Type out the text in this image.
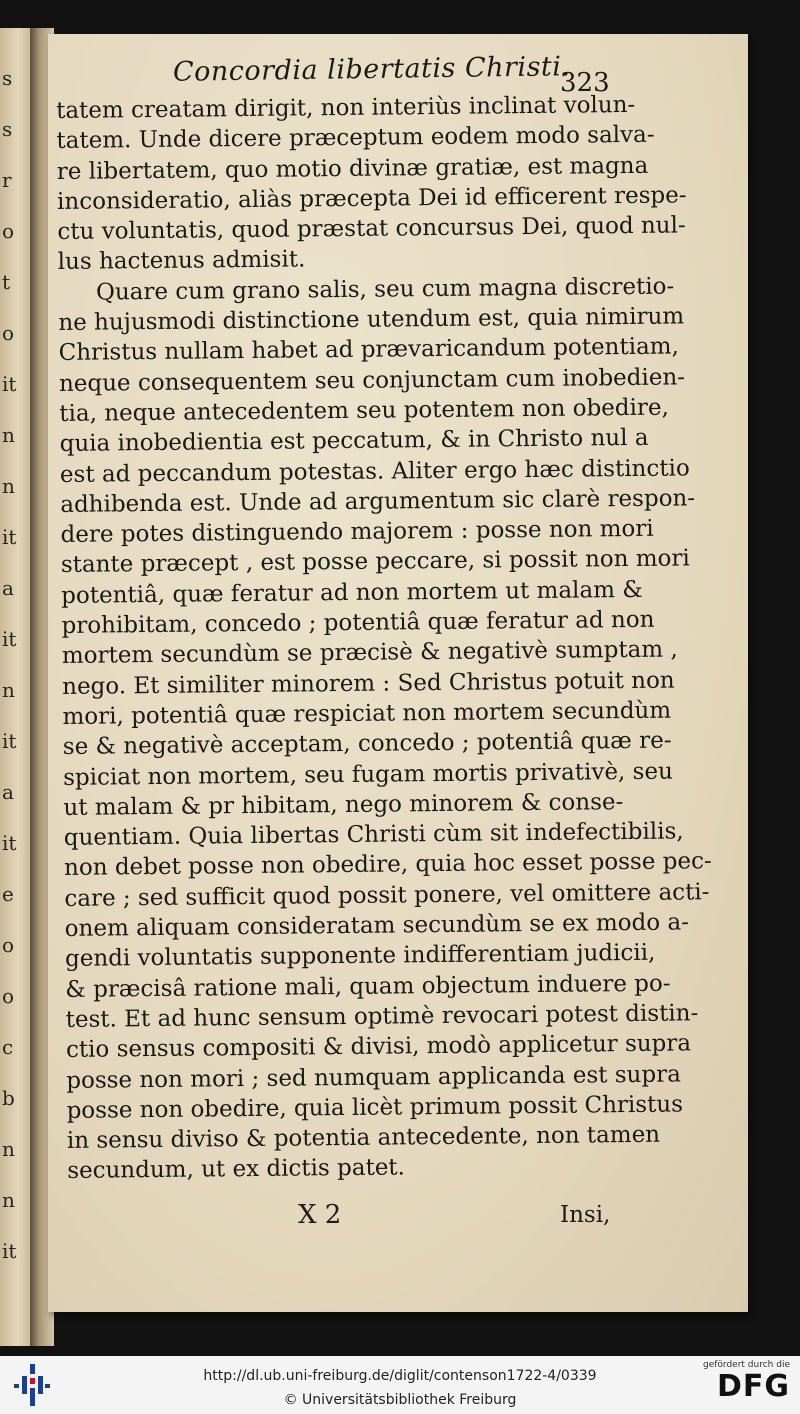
s
s
r
o
t
o
it
n
n
it
a
it
n
it
a
it
e
o
o
c
b
n
n
it
Concordia libertatis Christi.
323
tatem creatam dirigit, non interiùs inclinat volun-
tatem. Unde dicere præceptum eodem modo salva-
re libertatem, quo motio divinæ gratiæ, est magna
inconsideratio, aliàs præcepta Dei id efficerent respe-
ctu voluntatis, quod præstat concursus Dei, quod nul-
lus hactenus admisit.
Quare cum grano salis, seu cum magna discretio-
ne hujusmodi distinctione utendum est, quia nimirum
Christus nullam habet ad prævaricandum potentiam,
neque consequentem seu conjunctam cum inobedien-
tia, neque antecedentem seu potentem non obedire,
quia inobedientia est peccatum, & in Christo nul a
est ad peccandum potestas. Aliter ergo hæc distinctio
adhibenda est. Unde ad argumentum sic clarè respon-
dere potes distinguendo majorem : posse non mori
stante præcept , est posse peccare, si possit non mori
potentiâ, quæ feratur ad non mortem ut malam &
prohibitam, concedo ; potentiâ quæ feratur ad non
mortem secundùm se præcisè & negativè sumptam ,
nego. Et similiter minorem : Sed Christus potuit non
mori, potentiâ quæ respiciat non mortem secundùm
se & negativè acceptam, concedo ; potentiâ quæ re-
spiciat non mortem, seu fugam mortis privativè, seu
ut malam & pr hibitam, nego minorem & conse-
quentiam. Quia libertas Christi cùm sit indefectibilis,
non debet posse non obedire, quia hoc esset posse pec-
care ; sed sufficit quod possit ponere, vel omittere acti-
onem aliquam consideratam secundùm se ex modo a-
gendi voluntatis supponente indifferentiam judicii,
& præcisâ ratione mali, quam objectum induere po-
test. Et ad hunc sensum optimè revocari potest distin-
ctio sensus compositi & divisi, modò applicetur supra
posse non mori ; sed numquam applicanda est supra
posse non obedire, quia licèt primum possit Christus
in sensu diviso & potentia antecedente, non tamen
secundum, ut ex dictis patet.
X 2	Insi,
http://dl.ub.uni-freiburg.de/diglit/contenson1722-4/0339
© Universitätsbibliothek Freiburg
gefördert durch die
DFG
